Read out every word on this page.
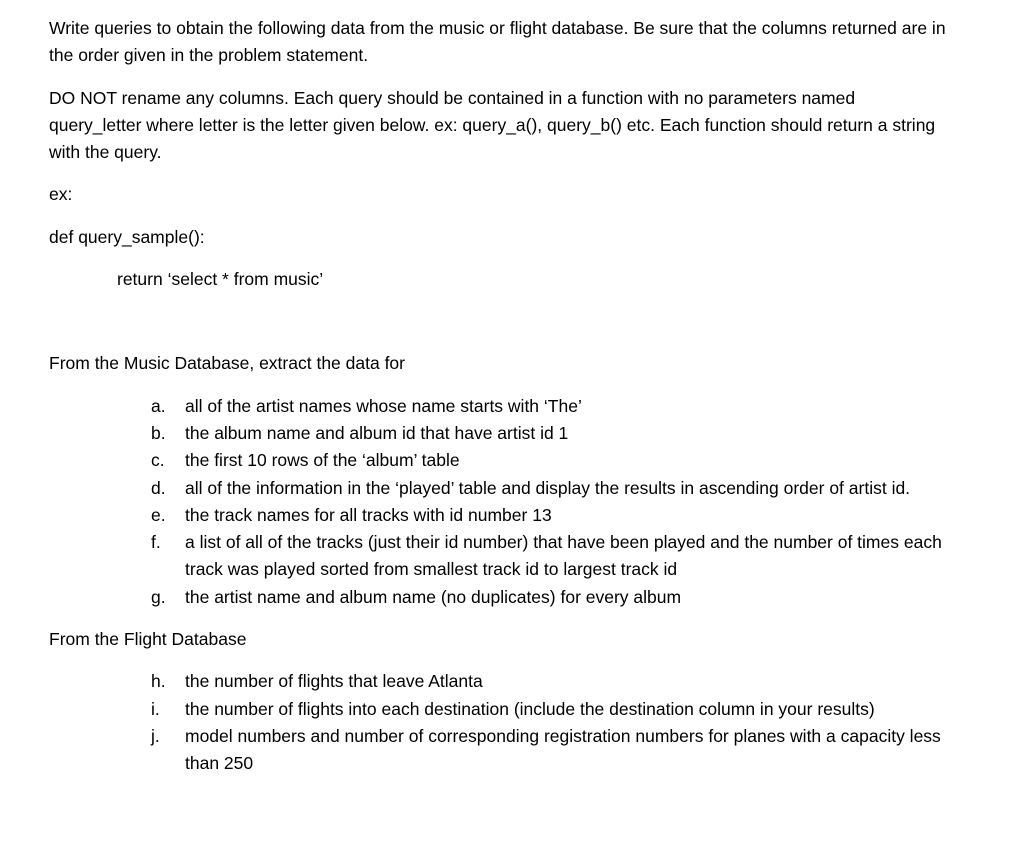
Write queries to obtain the following data from the music or flight database. Be sure that the columns returned are in the order given in the problem statement.

DO NOT rename any columns. Each query should be contained in a function with no parameters named query_letter where letter is the letter given below. ex: query_a(), query_b() etc. Each function should return a string with the query.

ex:

def query_sample():

return ‘select * from music’

From the Music Database, extract the data for

a.	all of the artist names whose name starts with ‘The’
b.	the album name and album id that have artist id 1
c.	the first 10 rows of the ‘album’ table
d.	all of the information in the ‘played’ table and display the results in ascending order of artist id.
e.	the track names for all tracks with id number 13
f.	a list of all of the tracks (just their id number) that have been played and the number of times each track was played sorted from smallest track id to largest track id
g.	the artist name and album name (no duplicates) for every album

From the Flight Database

h.	the number of flights that leave Atlanta
i.	the number of flights into each destination (include the destination column in your results)
j.	model numbers and number of corresponding registration numbers for planes with a capacity less than 250
